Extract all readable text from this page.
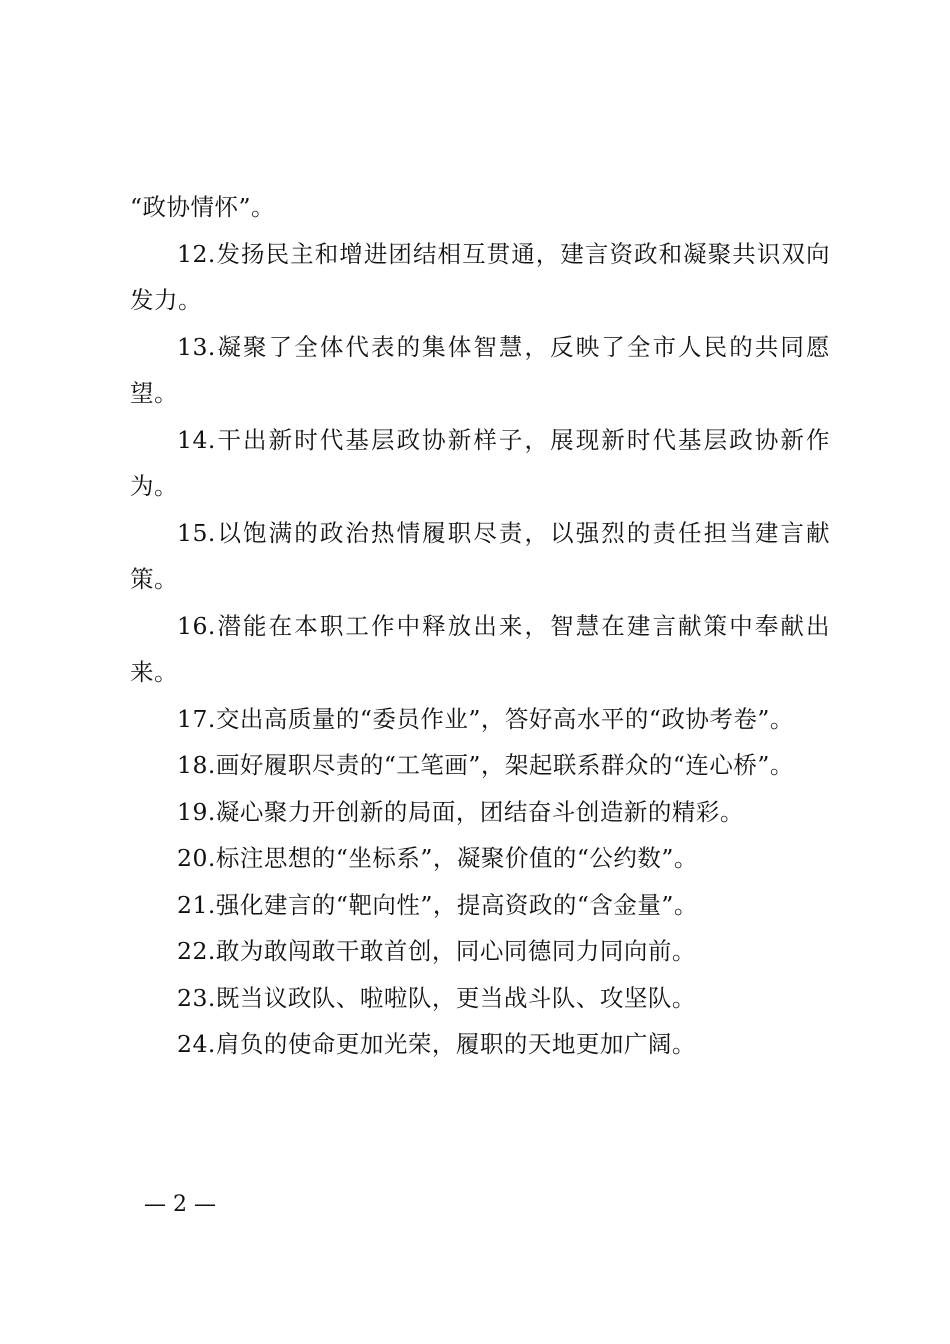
“政协情怀”。

12.发扬民主和增进团结相互贯通，建言资政和凝聚共识双向发力。

13.凝聚了全体代表的集体智慧，反映了全市人民的共同愿望。

14.干出新时代基层政协新样子，展现新时代基层政协新作为。

15.以饱满的政治热情履职尽责，以强烈的责任担当建言献策。

16.潜能在本职工作中释放出来，智慧在建言献策中奉献出来。

17.交出高质量的“委员作业”，答好高水平的“政协考卷”。

18.画好履职尽责的“工笔画”，架起联系群众的“连心桥”。

19.凝心聚力开创新的局面，团结奋斗创造新的精彩。

20.标注思想的“坐标系”，凝聚价值的“公约数”。

21.强化建言的“靶向性”，提高资政的“含金量”。

22.敢为敢闯敢干敢首创，同心同德同力同向前。

23.既当议政队、啦啦队，更当战斗队、攻坚队。

24.肩负的使命更加光荣，履职的天地更加广阔。

— 2 —
